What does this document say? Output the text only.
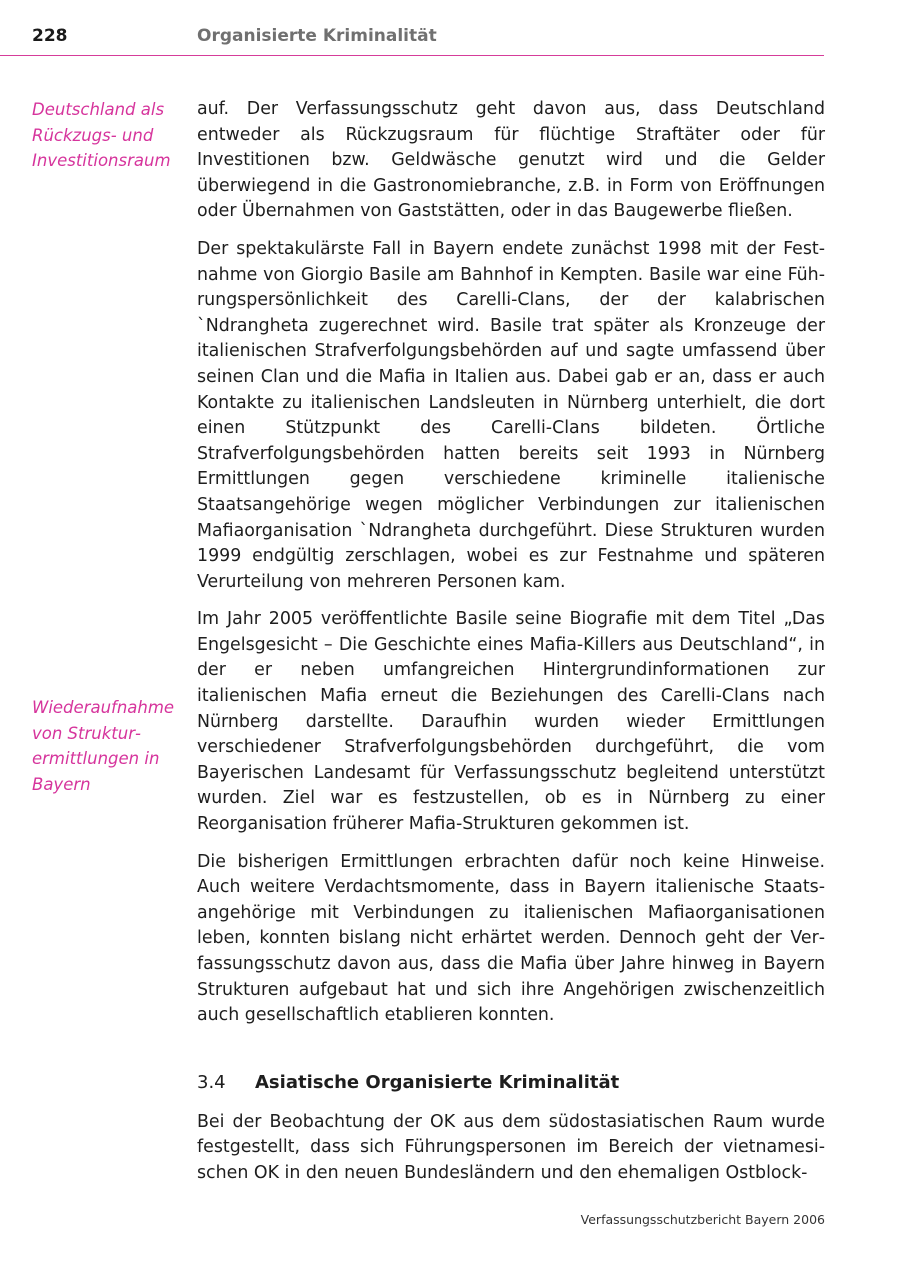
228	Organisierte Kriminalität
Deutschland als Rückzugs- und Investitionsraum
Wiederaufnahme von Strukturermittlungen in Bayern

auf. Der Verfassungsschutz geht davon aus, dass Deutschland entweder als Rückzugsraum für flüchtige Straftäter oder für Investitionen bzw. Geldwäsche genutzt wird und die Gelder überwiegend in die Gastronomiebranche, z.B. in Form von Eröffnungen oder Übernahmen von Gaststätten, oder in das Baugewerbe fließen.

Der spektakulärste Fall in Bayern endete zunächst 1998 mit der Festnahme von Giorgio Basile am Bahnhof in Kempten. Basile war eine Führungspersönlichkeit des Carelli-Clans, der der kalabrischen `Ndrangheta zugerechnet wird. Basile trat später als Kronzeuge der italienischen Strafverfolgungsbehörden auf und sagte umfassend über seinen Clan und die Mafia in Italien aus. Dabei gab er an, dass er auch Kontakte zu italienischen Landsleuten in Nürnberg unterhielt, die dort einen Stützpunkt des Carelli-Clans bildeten. Örtliche Strafverfolgungsbehörden hatten bereits seit 1993 in Nürnberg Ermittlungen gegen verschiedene kriminelle italienische Staatsangehörige wegen möglicher Verbindungen zur italienischen Mafiaorganisation `Ndrangheta durchgeführt. Diese Strukturen wurden 1999 endgültig zerschlagen, wobei es zur Festnahme und späteren Verurteilung von mehreren Personen kam.

Im Jahr 2005 veröffentlichte Basile seine Biografie mit dem Titel „Das Engelsgesicht – Die Geschichte eines Mafia-Killers aus Deutschland“, in der er neben umfangreichen Hintergrundinformationen zur italienischen Mafia erneut die Beziehungen des Carelli-Clans nach Nürnberg darstellte. Daraufhin wurden wieder Ermittlungen verschiedener Strafverfolgungsbehörden durchgeführt, die vom Bayerischen Landesamt für Verfassungsschutz begleitend unterstützt wurden. Ziel war es festzustellen, ob es in Nürnberg zu einer Reorganisation früherer Mafia-Strukturen gekommen ist.

Die bisherigen Ermittlungen erbrachten dafür noch keine Hinweise. Auch weitere Verdachtsmomente, dass in Bayern italienische Staatsangehörige mit Verbindungen zu italienischen Mafiaorganisationen leben, konnten bislang nicht erhärtet werden. Dennoch geht der Verfassungsschutz davon aus, dass die Mafia über Jahre hinweg in Bayern Strukturen aufgebaut hat und sich ihre Angehörigen zwischenzeitlich auch gesellschaftlich etablieren konnten.

3.4 Asiatische Organisierte Kriminalität

Bei der Beobachtung der OK aus dem südostasiatischen Raum wurde festgestellt, dass sich Führungspersonen im Bereich der vietnamesischen OK in den neuen Bundesländern und den ehemaligen Ostblock-

Verfassungsschutzbericht Bayern 2006
